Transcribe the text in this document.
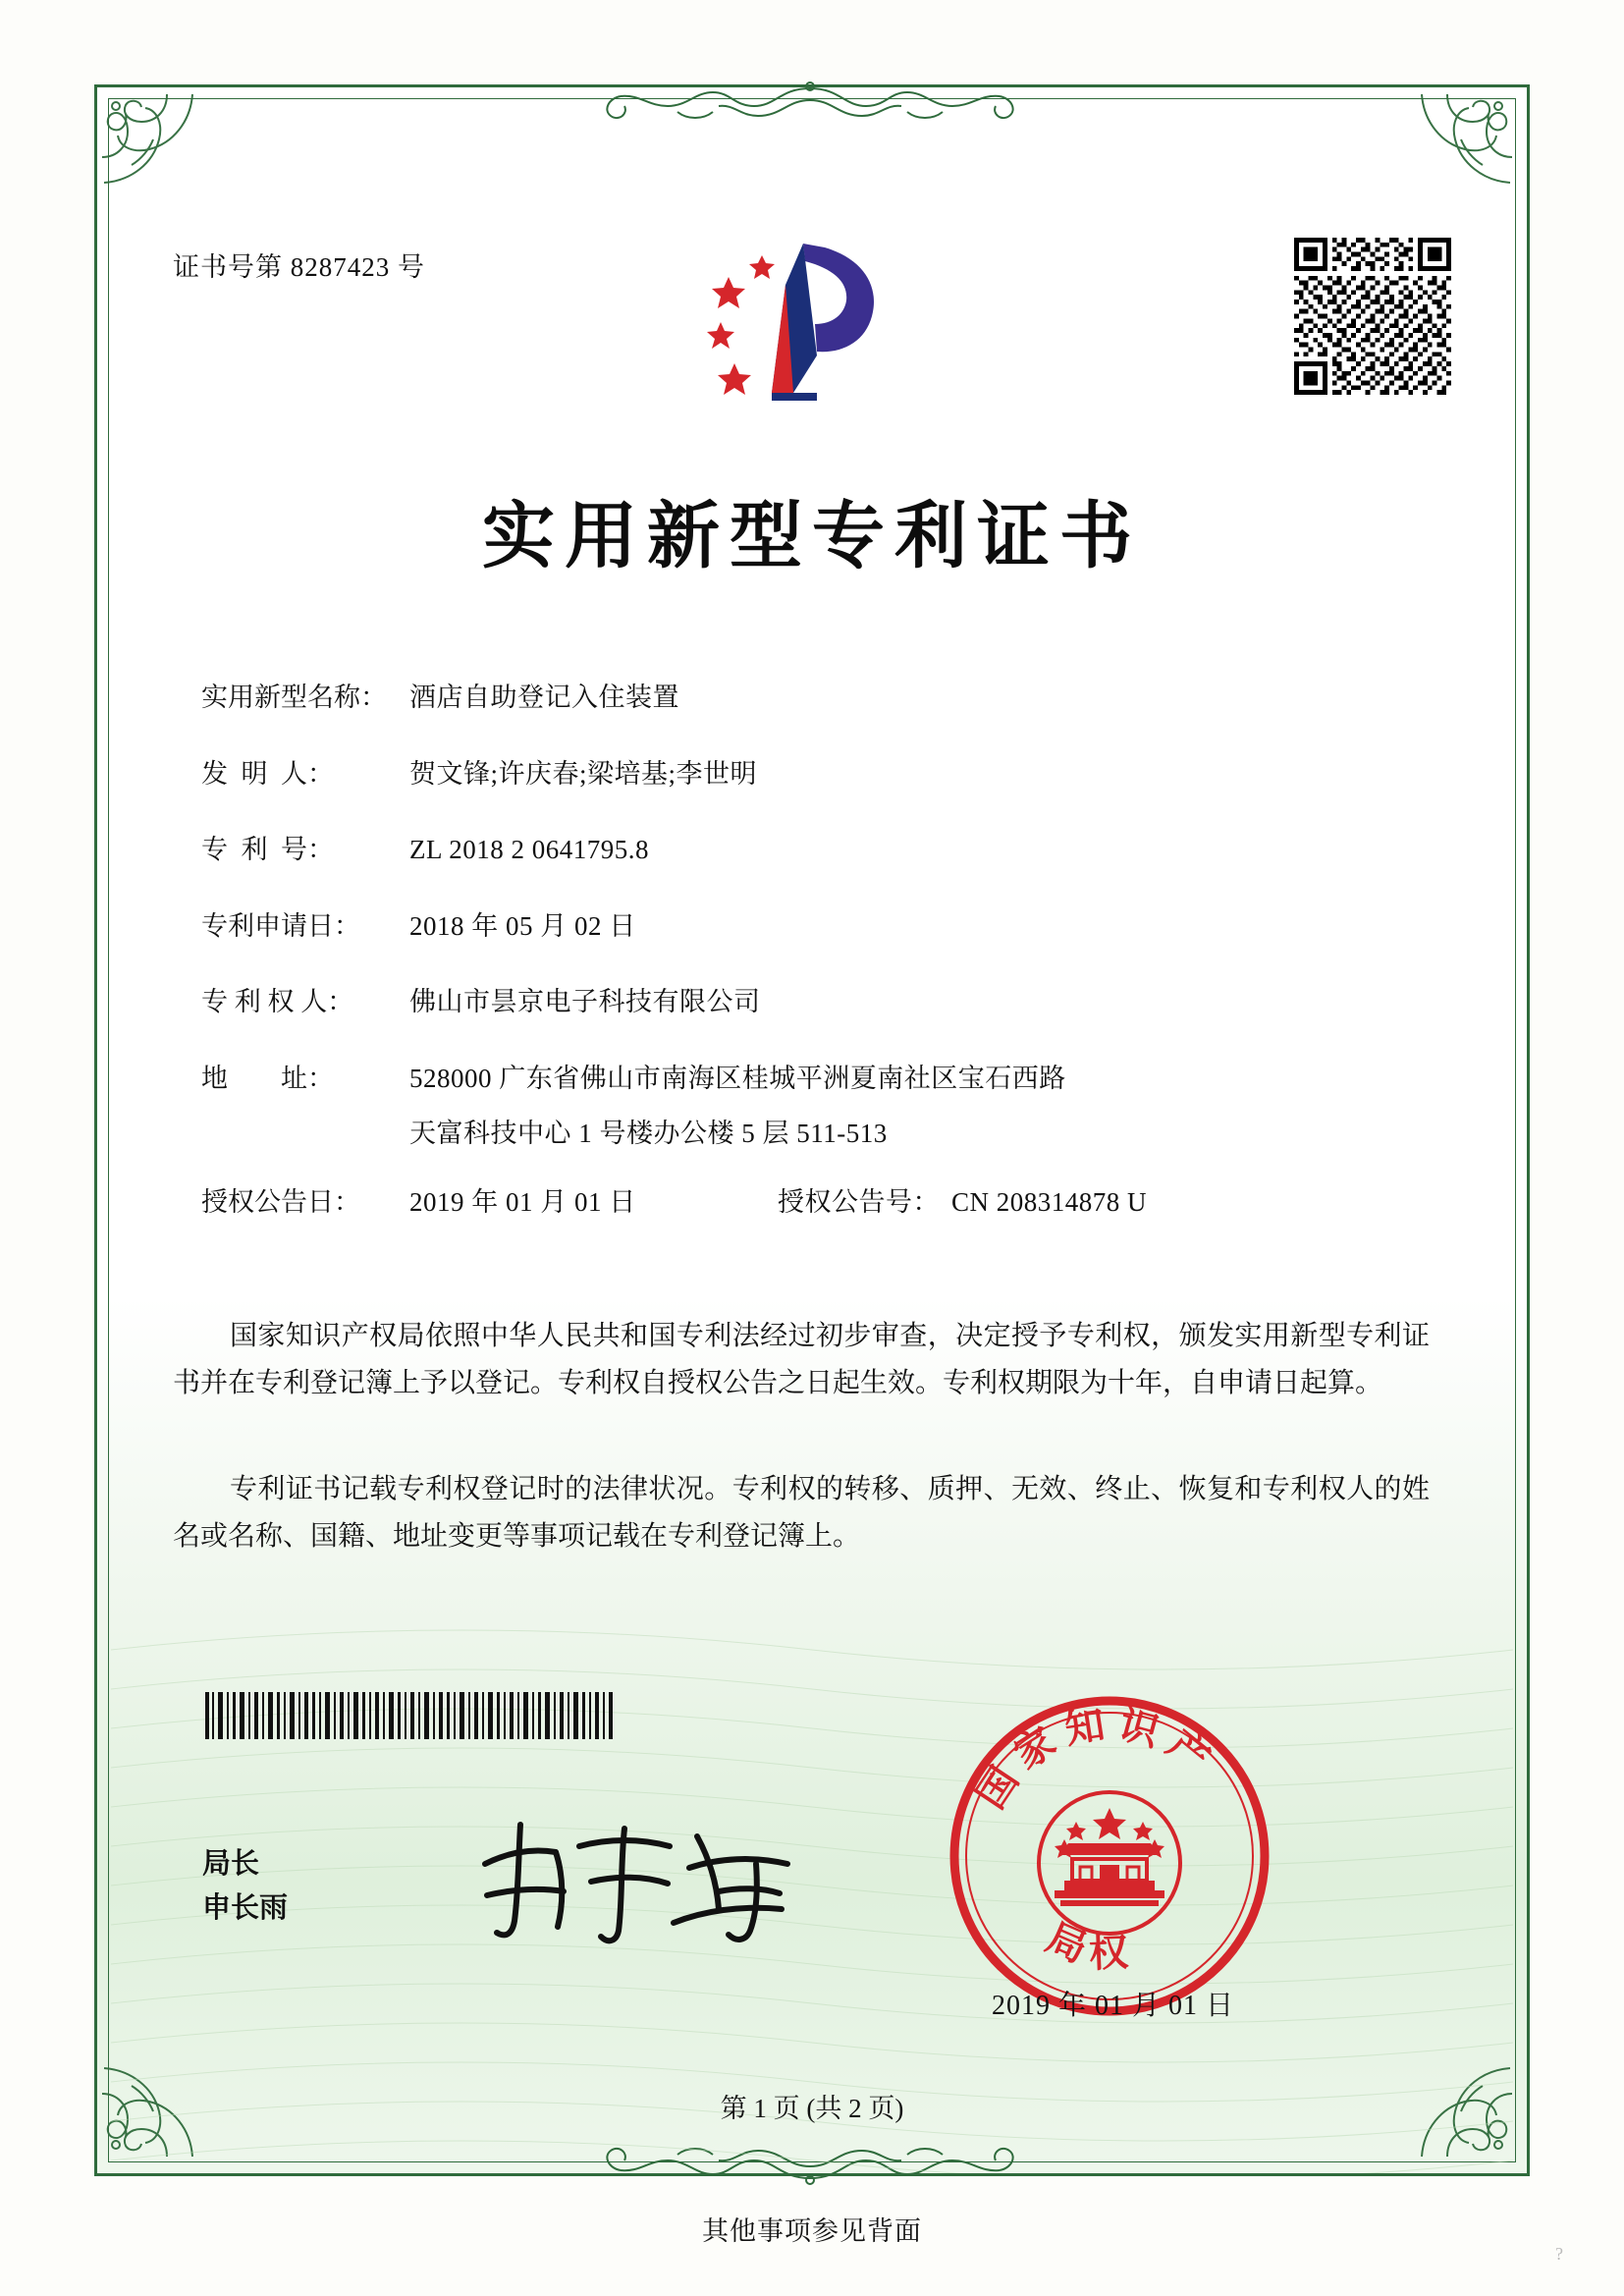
证书号第 8287423 号
实用新型专利证书
实用新型名称： 酒店自助登记入住装置
发  明  人：	贺文锋;许庆春;梁培基;李世明
专  利  号：	ZL 2018 2 0641795.8
专利申请日：	2018 年 05 月 02 日
专 利 权 人：	佛山市昙京电子科技有限公司
地        址：	528000 广东省佛山市南海区桂城平洲夏南社区宝石西路
天富科技中心 1 号楼办公楼 5 层 511-513
授权公告日：	2019 年 01 月 01 日	授权公告号： CN 208314878 U
国家知识产权局依照中华人民共和国专利法经过初步审查，决定授予专利权，颁发实用新型专利证书并在专利登记簿上予以登记。专利权自授权公告之日起生效。专利权期限为十年，自申请日起算。
专利证书记载专利权登记时的法律状况。专利权的转移、质押、无效、终止、恢复和专利权人的姓名或名称、国籍、地址变更等事项记载在专利登记簿上。
局长
申长雨
国家知识产
局权
2019 年 01 月 01 日
第 1 页 (共 2 页)
其他事项参见背面
?
